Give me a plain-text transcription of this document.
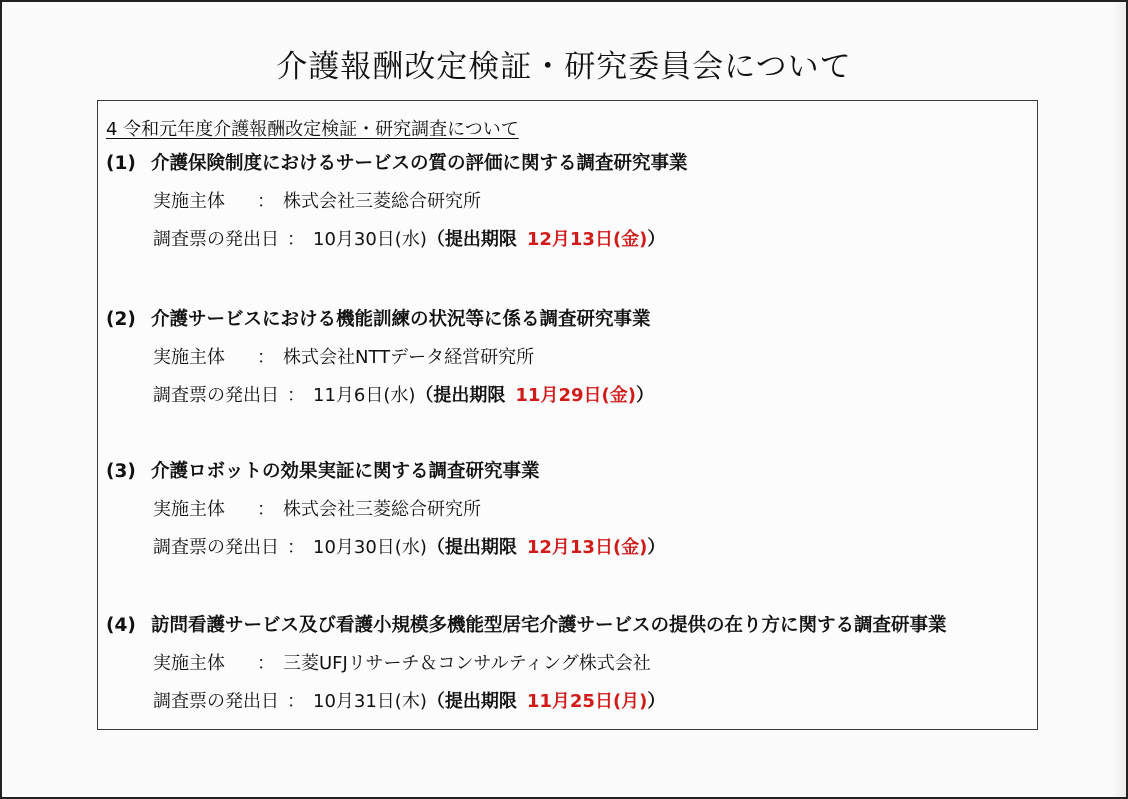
介護報酬改定検証・研究委員会について
4 令和元年度介護報酬改定検証・研究調査について
(1) 介護保険制度におけるサービスの質の評価に関する調査研究事業
実施主体 ： 株式会社三菱総合研究所
調査票の発出日 ： 10月30日(水)（提出期限 12月13日(金)）
(2) 介護サービスにおける機能訓練の状況等に係る調査研究事業
実施主体 ： 株式会社NTTデータ経営研究所
調査票の発出日 ： 11月6日(水)（提出期限 11月29日(金)）
(3) 介護ロボットの効果実証に関する調査研究事業
実施主体 ： 株式会社三菱総合研究所
調査票の発出日 ： 10月30日(水)（提出期限 12月13日(金)）
(4) 訪問看護サービス及び看護小規模多機能型居宅介護サービスの提供の在り方に関する調査研事業
実施主体 ： 三菱UFJリサーチ＆コンサルティング株式会社
調査票の発出日 ： 10月31日(木)（提出期限 11月25日(月)）
